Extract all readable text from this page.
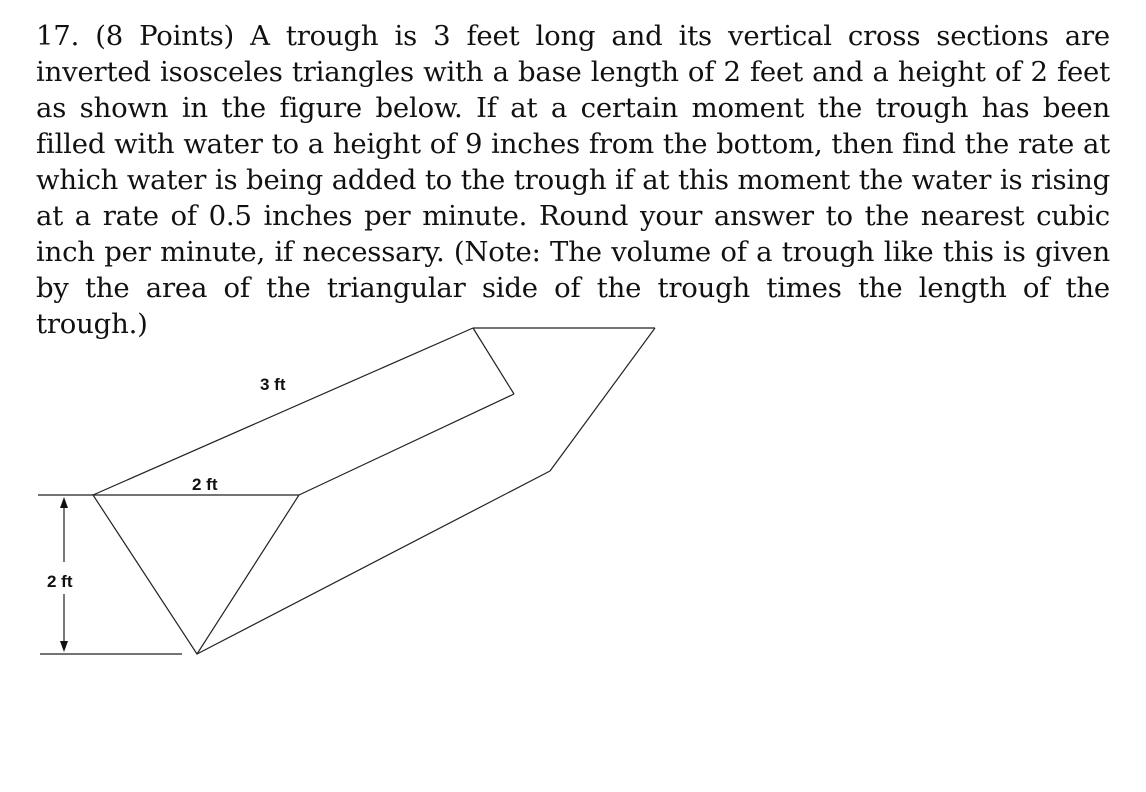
17. (8 Points) A trough is 3 feet long and its vertical cross sections are inverted isosceles triangles with a base length of 2 feet and a height of 2 feet as shown in the figure below. If at a certain moment the trough has been filled with water to a height of 9 inches from the bottom, then find the rate at which water is being added to the trough if at this moment the water is rising at a rate of 0.5 inches per minute. Round your answer to the nearest cubic inch per minute, if necessary. (Note: The volume of a trough like this is given by the area of the triangular side of the trough times the length of the trough.)

3 ft
2 ft
2 ft
